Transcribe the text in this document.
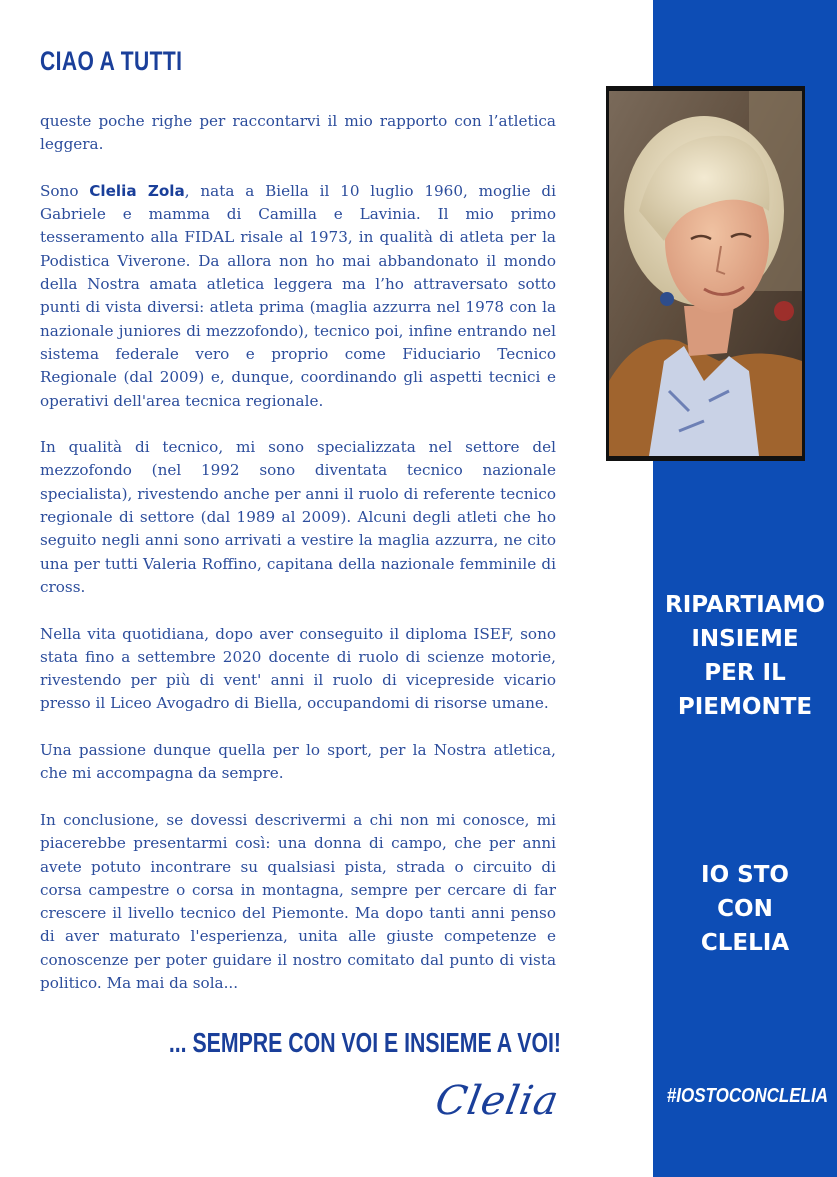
CIAO A TUTTI

queste poche righe per raccontarvi il mio rapporto con l’atletica leggera.

Sono Clelia Zola, nata a Biella il 10 luglio 1960, moglie di Gabriele e mamma di Camilla e Lavinia. Il mio primo tesseramento alla FIDAL risale al 1973, in qualità di atleta per la Podistica Viverone. Da allora non ho mai abbandonato il mondo della Nostra amata atletica leggera ma l’ho attraversato sotto punti di vista diversi: atleta prima (maglia azzurra nel 1978 con la nazionale juniores di mezzofondo), tecnico poi, infine entrando nel sistema federale vero e proprio come Fiduciario Tecnico Regionale (dal 2009) e, dunque, coordinando gli aspetti tecnici e operativi dell'area tecnica regionale.

In qualità di tecnico, mi sono specializzata nel settore del mezzofondo (nel 1992 sono diventata tecnico nazionale specialista), rivestendo anche per anni il ruolo di referente tecnico regionale di settore (dal 1989 al 2009). Alcuni degli atleti che ho seguito negli anni sono arrivati a vestire la maglia azzurra, ne cito una per tutti Valeria Roffino, capitana della nazionale femminile di cross.

Nella vita quotidiana, dopo aver conseguito il diploma ISEF, sono stata fino a settembre 2020 docente di ruolo di scienze motorie, rivestendo per più di vent' anni il ruolo di vicepreside vicario presso il Liceo Avogadro di Biella, occupandomi di risorse umane.

Una passione dunque quella per lo sport, per la Nostra atletica, che mi accompagna da sempre.

In conclusione, se dovessi descrivermi a chi non mi conosce, mi piacerebbe presentarmi così: una donna di campo, che per anni avete potuto incontrare su qualsiasi pista, strada o circuito di corsa campestre o corsa in montagna, sempre per cercare di far crescere il livello tecnico del Piemonte. Ma dopo tanti anni penso di aver maturato l'esperienza, unita alle giuste competenze e conoscenze per poter guidare il nostro comitato dal punto di vista politico. Ma mai da sola...

... SEMPRE CON VOI E INSIEME A VOI!
Clelia
RIPARTIAMO
INSIEME
PER IL
PIEMONTE
IO STO
CON
CLELIA
#IOSTOCONCLELIA
